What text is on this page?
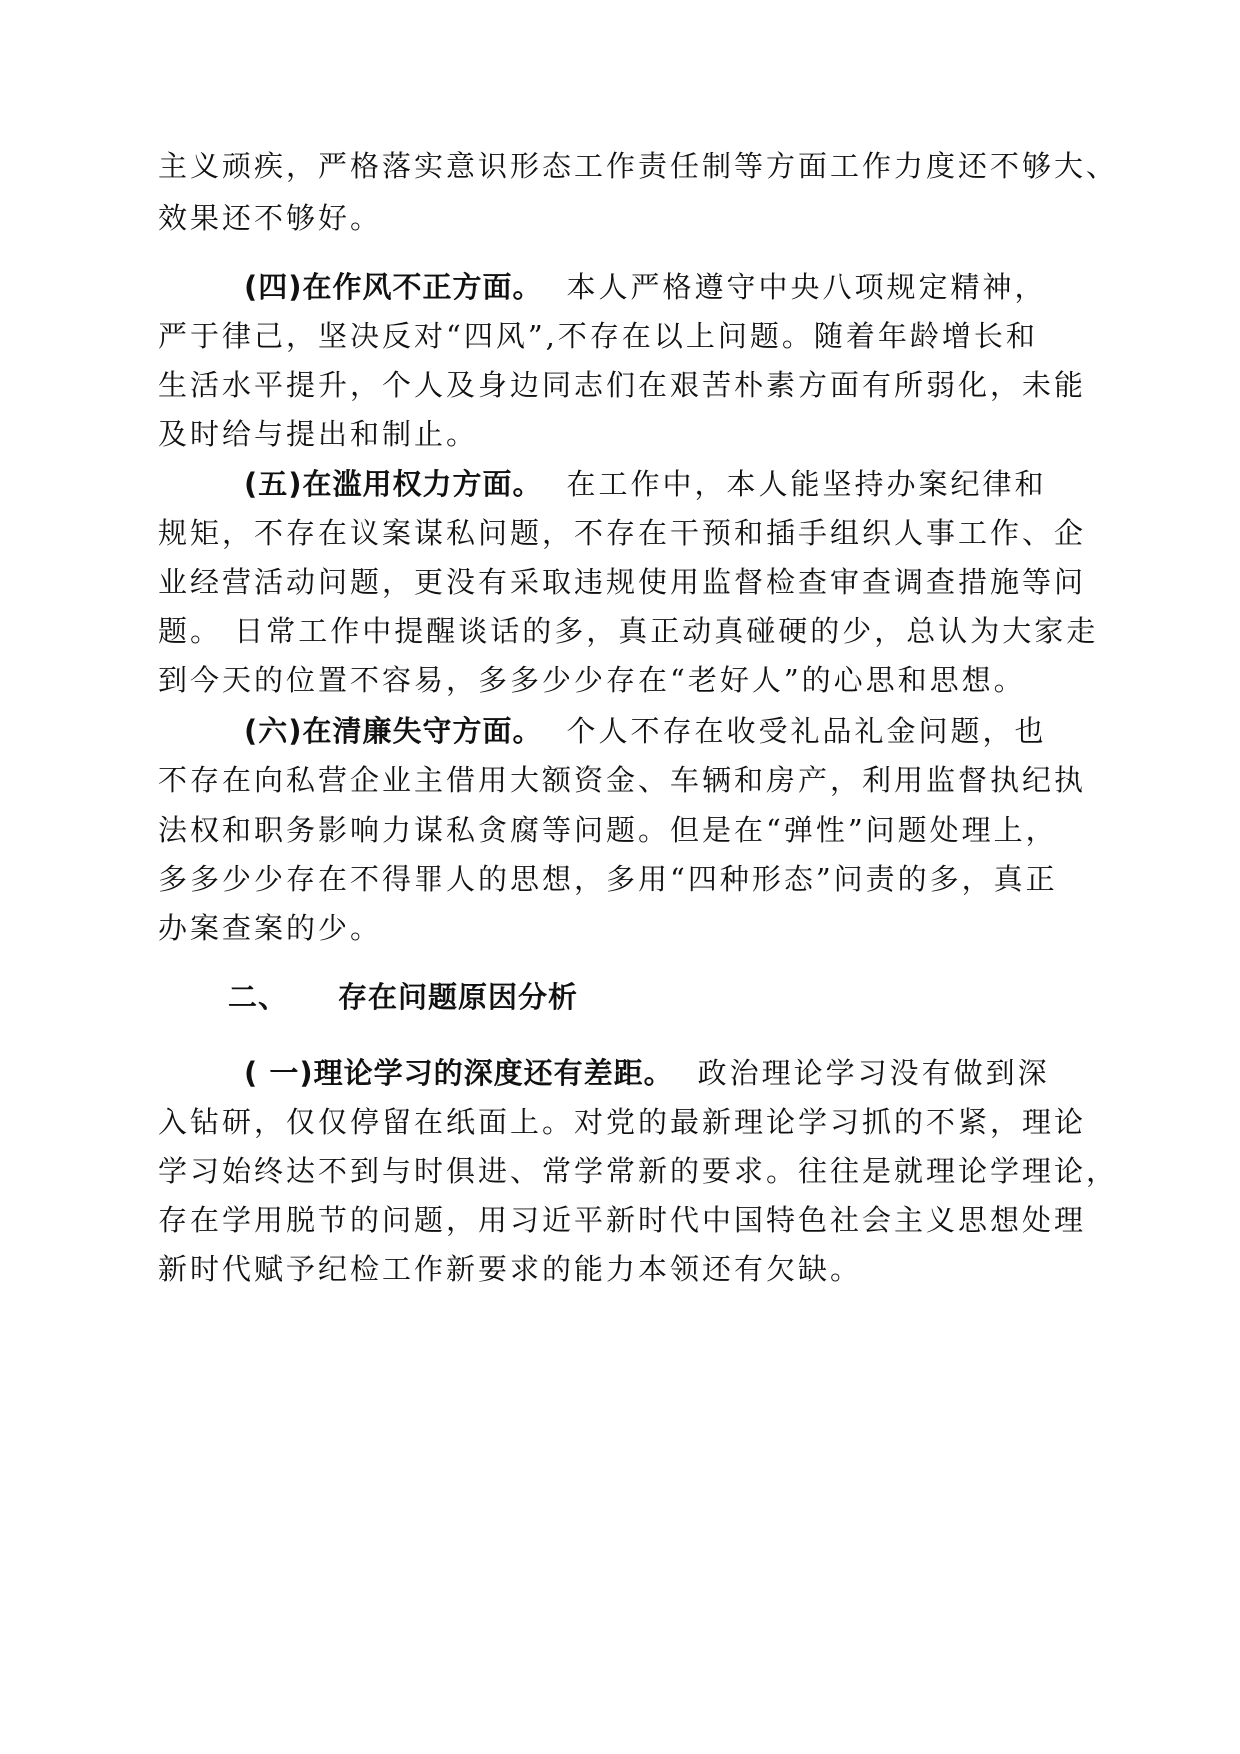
主义顽疾，严格落实意识形态工作责任制等方面工作力度还不够大、
效果还不够好。
(四)在作风不正方面。 本人严格遵守中央八项规定精神，
严于律己，坚决反对“四风”,不存在以上问题。随着年龄增长和
生活水平提升，个人及身边同志们在艰苦朴素方面有所弱化，未能
及时给与提出和制止。
(五)在滥用权力方面。 在工作中，本人能坚持办案纪律和
规矩，不存在议案谋私问题，不存在干预和插手组织人事工作、企
业经营活动问题，更没有采取违规使用监督检查审查调查措施等问
题。 日常工作中提醒谈话的多，真正动真碰硬的少，总认为大家走
到今天的位置不容易，多多少少存在“老好人”的心思和思想。
(六)在清廉失守方面。 个人不存在收受礼品礼金问题，也
不存在向私营企业主借用大额资金、车辆和房产，利用监督执纪执
法权和职务影响力谋私贪腐等问题。但是在“弹性”问题处理上，
多多少少存在不得罪人的思想，多用“四种形态”问责的多，真正
办案查案的少。
二、 存在问题原因分析
( 一)理论学习的深度还有差距。 政治理论学习没有做到深
入钻研，仅仅停留在纸面上。对党的最新理论学习抓的不紧，理论
学习始终达不到与时俱进、常学常新的要求。往往是就理论学理论，
存在学用脱节的问题，用习近平新时代中国特色社会主义思想处理
新时代赋予纪检工作新要求的能力本领还有欠缺。
